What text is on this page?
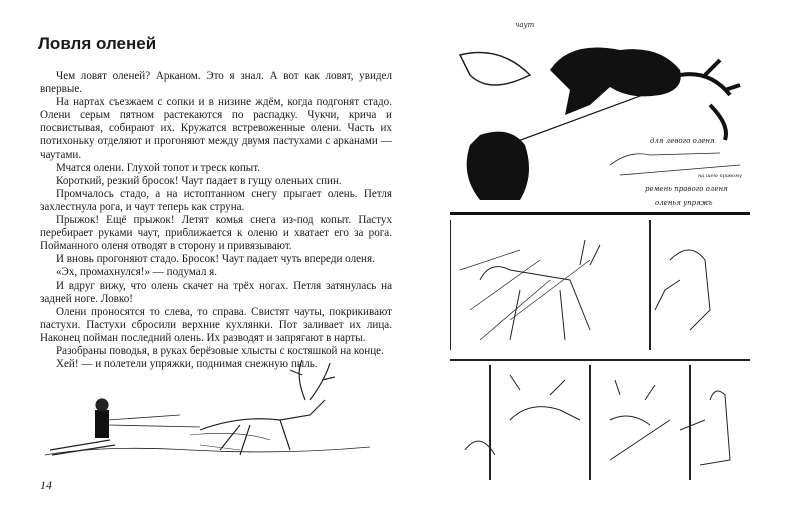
Ловля оленей

Чем ловят оленей? Арканом. Это я знал. А вот как ловят, увидел впервые.

На нартах съезжаем с сопки и в низине ждём, когда подгонят стадо. Олени серым пятном растекаются по распадку. Чукчи, крича и посвистывая, собирают их. Кружатся встревоженные олени. Часть их потихоньку отделяют и прогоняют между двумя пастухами с арканами — чаутами.

Мчатся олени. Глухой топот и треск копыт.

Короткий, резкий бросок! Чаут падает в гущу оленьих спин.

Промчалось стадо, а на истоптанном снегу прыгает олень. Петля захлестнула рога, и чаут теперь как струна.

Прыжок! Ещё прыжок! Летят комья снега из-под копыт. Пастух перебирает руками чаут, приближается к оленю и хватает его за рога. Пойманного оленя отводят в сторону и привязывают.

И вновь прогоняют стадо. Бросок! Чаут падает чуть впереди оленя.

«Эх, промахнулся!» — подумал я.

И вдруг вижу, что олень скачет на трёх ногах. Петля затянулась на задней ноге. Ловко!

Олени проносятся то слева, то справа. Свистят чауты, покрикивают пастухи. Пастухи сбросили верхние кухлянки. Пот заливает их лица. Наконец пойман последний олень. Их разводят и запрягают в нарты.

Разобраны поводья, в руках берёзовые хлысты с костяшкой на конце.

Хей! — и полетели упряжки, поднимая снежную пыль.

14
чаут
для левого оленя
на шею правому
ремень правого оленя
оленья упряжь
